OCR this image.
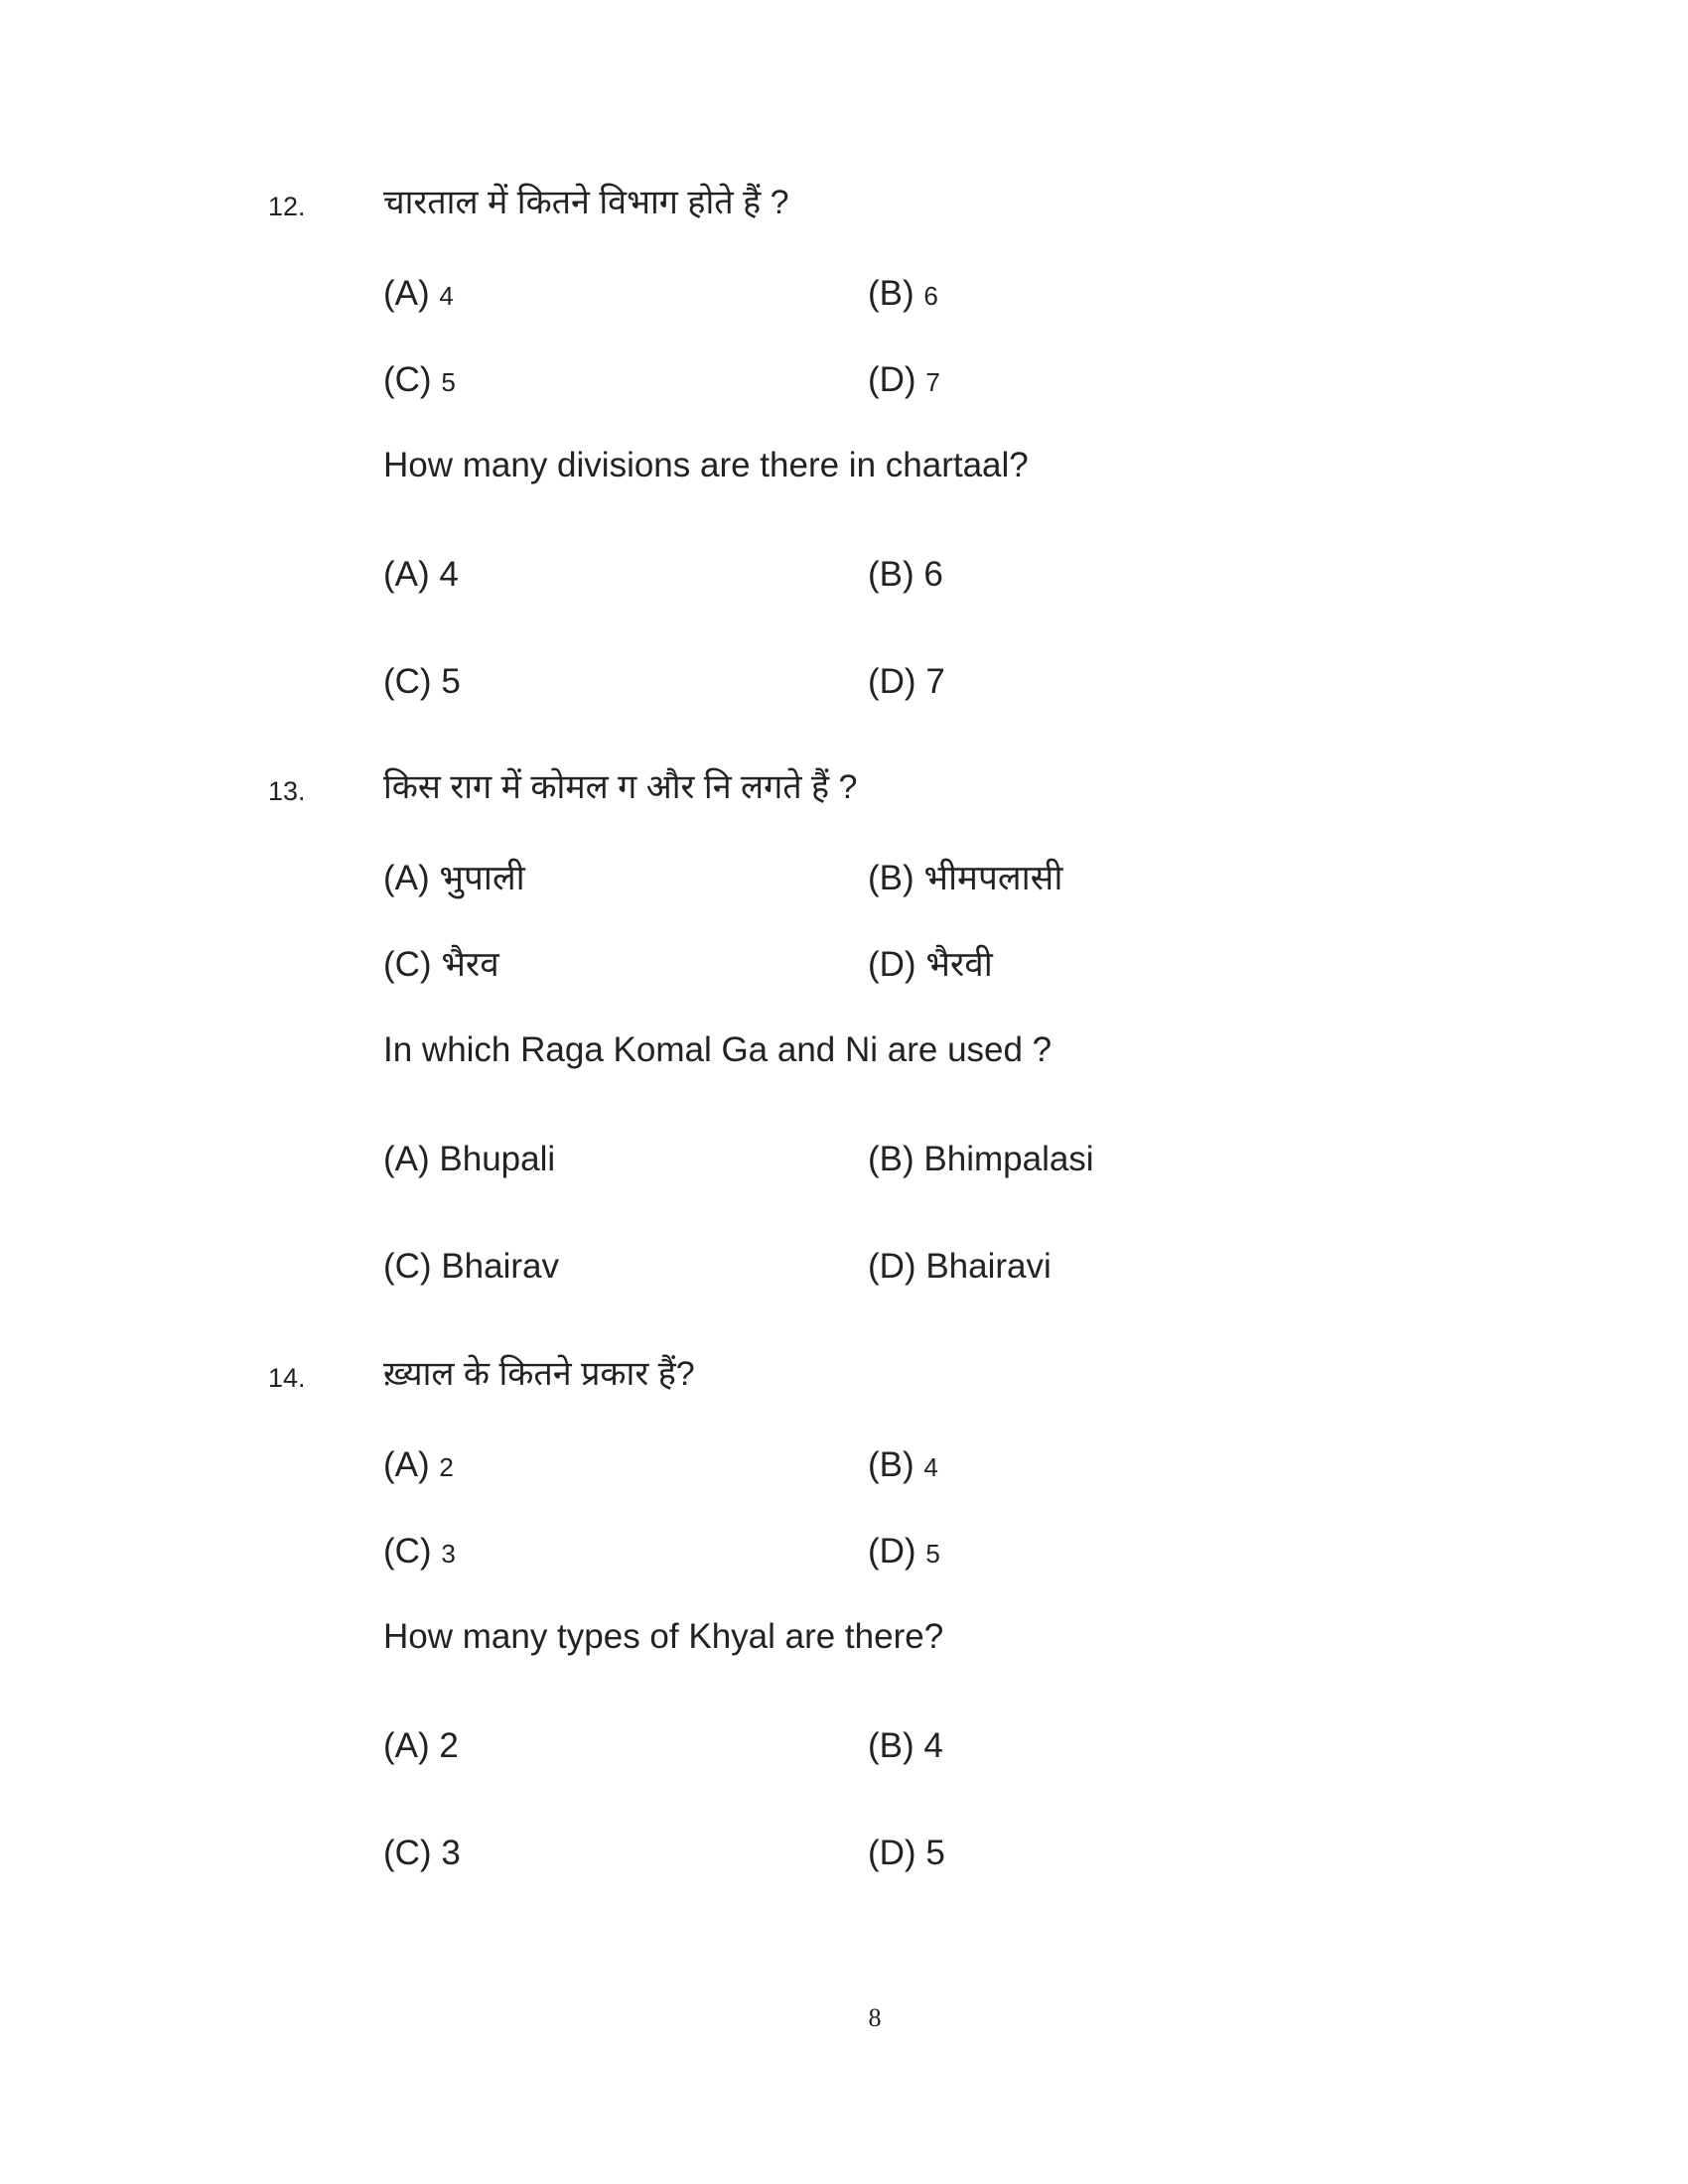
12. चारताल में कितने विभाग होते हैं ?
(A) 4	(B) 6
(C) 5	(D) 7
How many divisions are there in chartaal?
(A) 4	(B) 6
(C) 5	(D) 7
13. किस राग में कोमल ग और नि लगते हैं ?
(A) भुपाली	(B) भीमपलासी
(C) भैरव	(D) भैरवी
In which Raga Komal Ga and Ni are used ?
(A) Bhupali	(B) Bhimpalasi
(C) Bhairav	(D) Bhairavi
14. ख़्याल के कितने प्रकार हैं?
(A) 2	(B) 4
(C) 3	(D) 5
How many types of Khyal are there?
(A) 2	(B) 4
(C) 3	(D) 5
8
